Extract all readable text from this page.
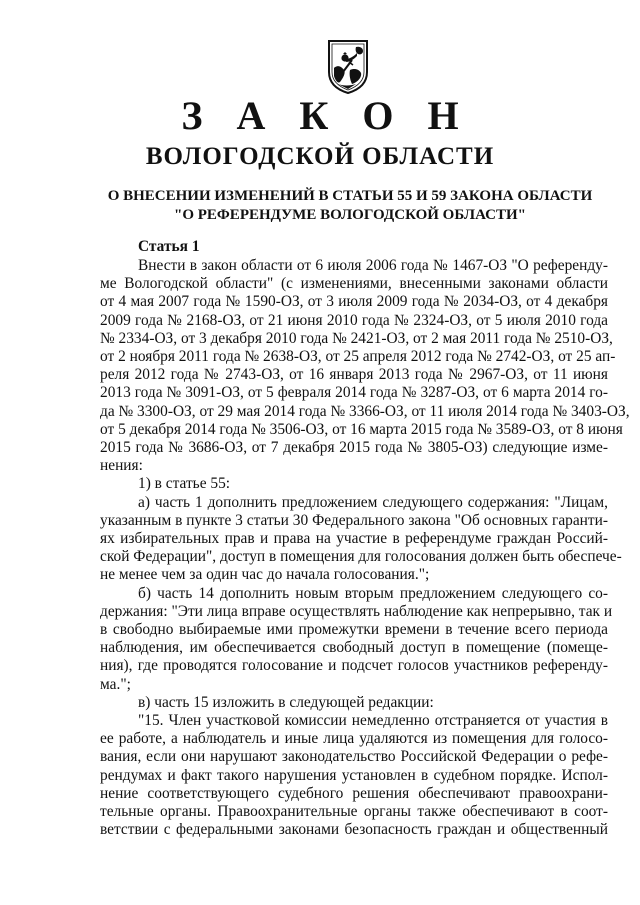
З А К О Н
ВОЛОГОДСКОЙ ОБЛАСТИ
О ВНЕСЕНИИ ИЗМЕНЕНИЙ В СТАТЬИ 55 И 59 ЗАКОНА ОБЛАСТИ
"О РЕФЕРЕНДУМЕ ВОЛОГОДСКОЙ ОБЛАСТИ"
Статья 1
Внести в закон области от 6 июля 2006 года № 1467-ОЗ "О референду-
ме Вологодской области" (с изменениями, внесенными законами области
от 4 мая 2007 года № 1590-ОЗ, от 3 июля 2009 года № 2034-ОЗ, от 4 декабря
2009 года № 2168-ОЗ, от 21 июня 2010 года № 2324-ОЗ, от 5 июля 2010 года
№ 2334-ОЗ, от 3 декабря 2010 года № 2421-ОЗ, от 2 мая 2011 года № 2510-ОЗ,
от 2 ноября 2011 года № 2638-ОЗ, от 25 апреля 2012 года № 2742-ОЗ, от 25 ап-
реля 2012 года № 2743-ОЗ, от 16 января 2013 года № 2967-ОЗ, от 11 июня
2013 года № 3091-ОЗ, от 5 февраля 2014 года № 3287-ОЗ, от 6 марта 2014 го-
да № 3300-ОЗ, от 29 мая 2014 года № 3366-ОЗ, от 11 июля 2014 года № 3403-ОЗ,
от 5 декабря 2014 года № 3506-ОЗ, от 16 марта 2015 года № 3589-ОЗ, от 8 июня
2015 года № 3686-ОЗ, от 7 декабря 2015 года № 3805-ОЗ) следующие изме-
нения:
1) в статье 55:
а) часть 1 дополнить предложением следующего содержания: "Лицам,
указанным в пункте 3 статьи 30 Федерального закона "Об основных гаранти-
ях избирательных прав и права на участие в референдуме граждан Россий-
ской Федерации", доступ в помещения для голосования должен быть обеспече-
не менее чем за один час до начала голосования.";
б) часть 14 дополнить новым вторым предложением следующего со-
держания: "Эти лица вправе осуществлять наблюдение как непрерывно, так и
в свободно выбираемые ими промежутки времени в течение всего периода
наблюдения, им обеспечивается свободный доступ в помещение (помеще-
ния), где проводятся голосование и подсчет голосов участников референду-
ма.";
в) часть 15 изложить в следующей редакции:
"15. Член участковой комиссии немедленно отстраняется от участия в
ее работе, а наблюдатель и иные лица удаляются из помещения для голосо-
вания, если они нарушают законодательство Российской Федерации о рефе-
рендумах и факт такого нарушения установлен в судебном порядке. Испол-
нение соответствующего судебного решения обеспечивают правоохрани-
тельные органы. Правоохранительные органы также обеспечивают в соот-
ветствии с федеральными законами безопасность граждан и общественный
